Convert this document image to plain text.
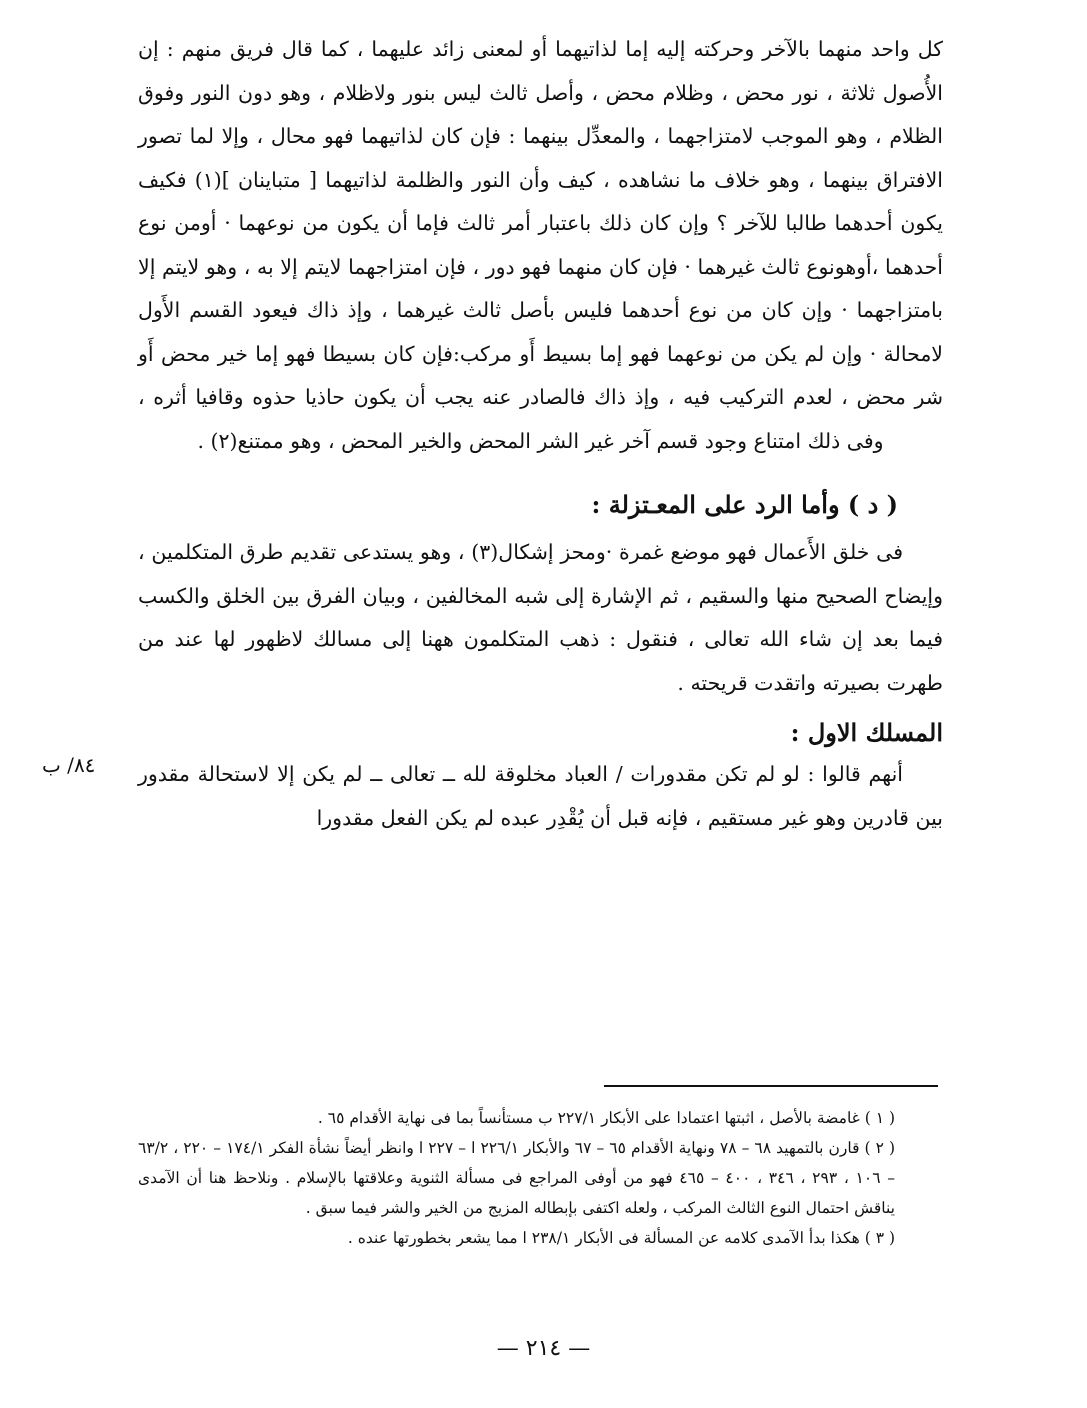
كل واحد منهما بالآخر وحركته إليه إما لذاتيهما أو لمعنى زائد عليهما ، كما قال فريق منهم : إن الأُصول ثلاثة ، نور محض ، وظلام محض ، وأصل ثالث ليس بنور ولاظلام ، وهو دون النور وفوق الظلام ، وهو الموجب لامتزاجهما ، والمعدِّل بينهما : فإن كان لذاتيهما فهو محال ، وإلا لما تصور الافتراق بينهما ، وهو خلاف ما نشاهده ، كيف وأن النور والظلمة لذاتيهما [ متباينان ](١) فكيف يكون أحدهما طالبا للآخر ؟ وإن كان ذلك باعتبار أمر ثالث فإما أن يكون من نوعهما · أومن نوع أحدهما ،أوهونوع ثالث غيرهما · فإن كان منهما فهو دور ، فإن امتزاجهما لايتم إلا به ، وهو لايتم إلا بامتزاجهما · وإن كان من نوع أحدهما فليس بأصل ثالث غيرهما ، وإذ ذاك فيعود القسم الأَول لامحالة · وإن لم يكن من نوعهما فهو إما بسيط أَو مركب:فإن كان بسيطا فهو إما خير محض أَو شر محض ، لعدم التركيب فيه ، وإذ ذاك فالصادر عنه يجب أن يكون حاذيا حذوه وقافيا أثره ، وفى ذلك امتناع وجود قسم آخر غير الشر المحض والخير المحض ، وهو ممتنع(٢) .

( د ) وأما الرد على المعـتزلة :

فى خلق الأَعمال فهو موضع غمرة ·ومحز إشكال(٣) ، وهو يستدعى تقديم طرق المتكلمين ، وإيضاح الصحيح منها والسقيم ، ثم الإشارة إلى شبه المخالفين ، وبيان الفرق بين الخلق والكسب فيما بعد إن شاء الله تعالى ، فنقول : ذهب المتكلمون ههنا إلى مسالك لاظهور لها عند من طهرت بصيرته واتقدت قريحته .

المسلك الاول :

٨٤/ ب أنهم قالوا : لو لم تكن مقدورات / العباد مخلوقة لله ــ تعالى ــ لم يكن إلا لاستحالة مقدور بين قادرين وهو غير مستقيم ، فإنه قبل أن يُقْدِر عبده لم يكن الفعل مقدورا

( ١ ) غامضة بالأصل ، اثبتها اعتمادا على الأبكار ٢٢٧/١ ب مستأنساً بما فى نهاية الأقدام ٦٥ .

( ٢ ) قارن بالتمهيد ٦٨ – ٧٨ ونهاية الأقدام ٦٥ – ٦٧ والأبكار ٢٢٦/١ ا – ٢٢٧ ا وانظر أيضاً نشأة الفكر ١٧٤/١ – ٢٢٠ ، ٦٣/٢ – ١٠٦ ، ٢٩٣ ، ٣٤٦ ، ٤٠٠ – ٤٦٥ فهو من أوفى المراجع فى مسألة الثنوية وعلاقتها بالإسلام . ونلاحظ هنا أن الآمدى يناقش احتمال النوع الثالث المركب ، ولعله اكتفى بإبطاله المزيج من الخير والشر فيما سبق .

( ٣ ) هكذا بدأ الآمدى كلامه عن المسألة فى الأبكار ٢٣٨/١ ا مما يشعر بخطورتها عنده .

— ٢١٤ —
